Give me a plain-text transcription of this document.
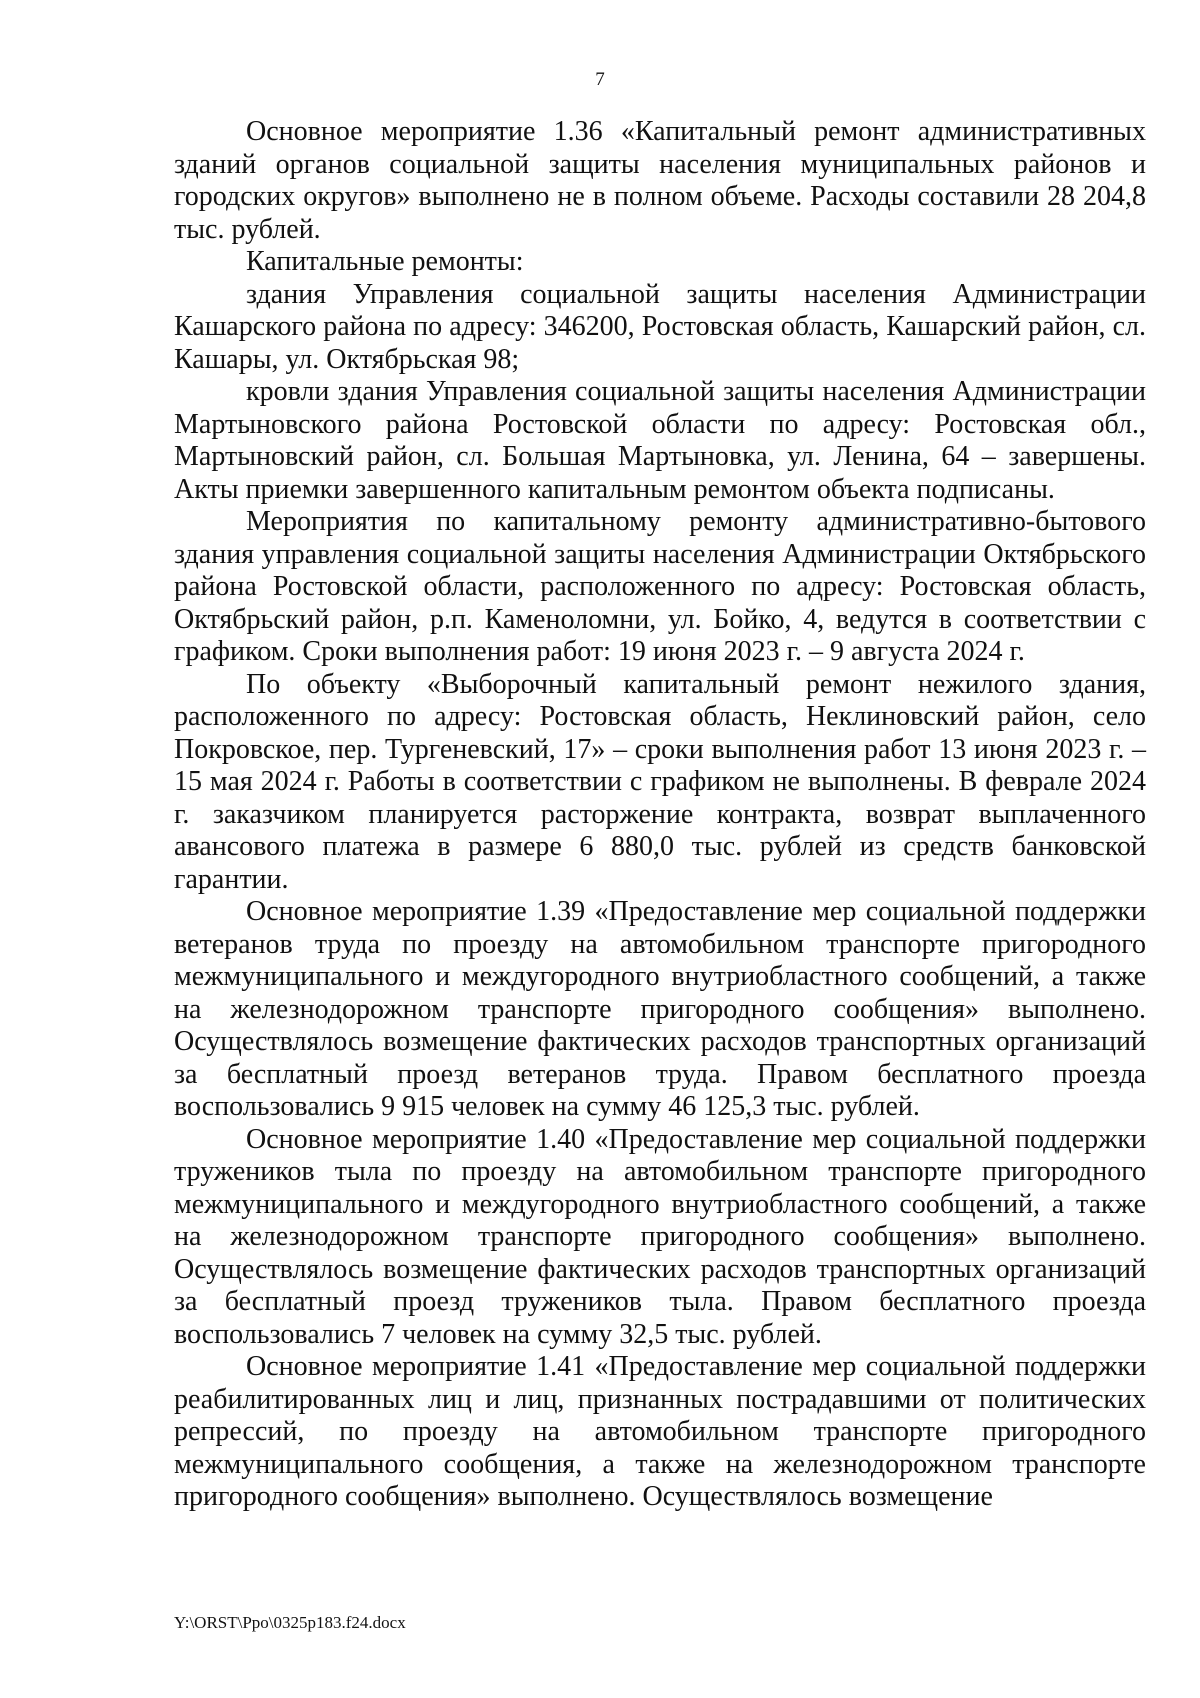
7

Основное мероприятие 1.36 «Капитальный ремонт административных зданий органов социальной защиты населения муниципальных районов и городских округов» выполнено не в полном объеме. Расходы составили 28 204,8 тыс. рублей.

Капитальные ремонты:

здания Управления социальной защиты населения Администрации Кашарского района по адресу: 346200, Ростовская область, Кашарский район, сл. Кашары, ул. Октябрьская 98;

кровли здания Управления социальной защиты населения Администрации Мартыновского района Ростовской области по адресу: Ростовская обл., Мартыновский район, сл. Большая Мартыновка, ул. Ленина, 64 – завершены. Акты приемки завершенного капитальным ремонтом объекта подписаны.

Мероприятия по капитальному ремонту административно-бытового здания управления социальной защиты населения Администрации Октябрьского района Ростовской области, расположенного по адресу: Ростовская область, Октябрьский район, р.п. Каменоломни, ул. Бойко, 4, ведутся в соответствии с графиком. Сроки выполнения работ: 19 июня 2023 г. – 9 августа 2024 г.

По объекту «Выборочный капитальный ремонт нежилого здания, расположенного по адресу: Ростовская область, Неклиновский район, село Покровское, пер. Тургеневский, 17» – сроки выполнения работ 13 июня 2023 г. – 15 мая 2024 г. Работы в соответствии с графиком не выполнены. В феврале 2024 г. заказчиком планируется расторжение контракта, возврат выплаченного авансового платежа в размере 6 880,0 тыс. рублей из средств банковской гарантии.

Основное мероприятие 1.39 «Предоставление мер социальной поддержки ветеранов труда по проезду на автомобильном транспорте пригородного межмуниципального и междугородного внутриобластного сообщений, а также на железнодорожном транспорте пригородного сообщения» выполнено. Осуществлялось возмещение фактических расходов транспортных организаций за бесплатный проезд ветеранов труда. Правом бесплатного проезда воспользовались 9 915 человек на сумму 46 125,3 тыс. рублей.

Основное мероприятие 1.40 «Предоставление мер социальной поддержки тружеников тыла по проезду на автомобильном транспорте пригородного межмуниципального и междугородного внутриобластного сообщений, а также на железнодорожном транспорте пригородного сообщения» выполнено. Осуществлялось возмещение фактических расходов транспортных организаций за бесплатный проезд тружеников тыла. Правом бесплатного проезда воспользовались 7 человек на сумму 32,5 тыс. рублей.

Основное мероприятие 1.41 «Предоставление мер социальной поддержки реабилитированных лиц и лиц, признанных пострадавшими от политических репрессий, по проезду на автомобильном транспорте пригородного межмуниципального сообщения, а также на железнодорожном транспорте пригородного сообщения» выполнено. Осуществлялось возмещение

Y:\ORST\Рро\0325p183.f24.docx
